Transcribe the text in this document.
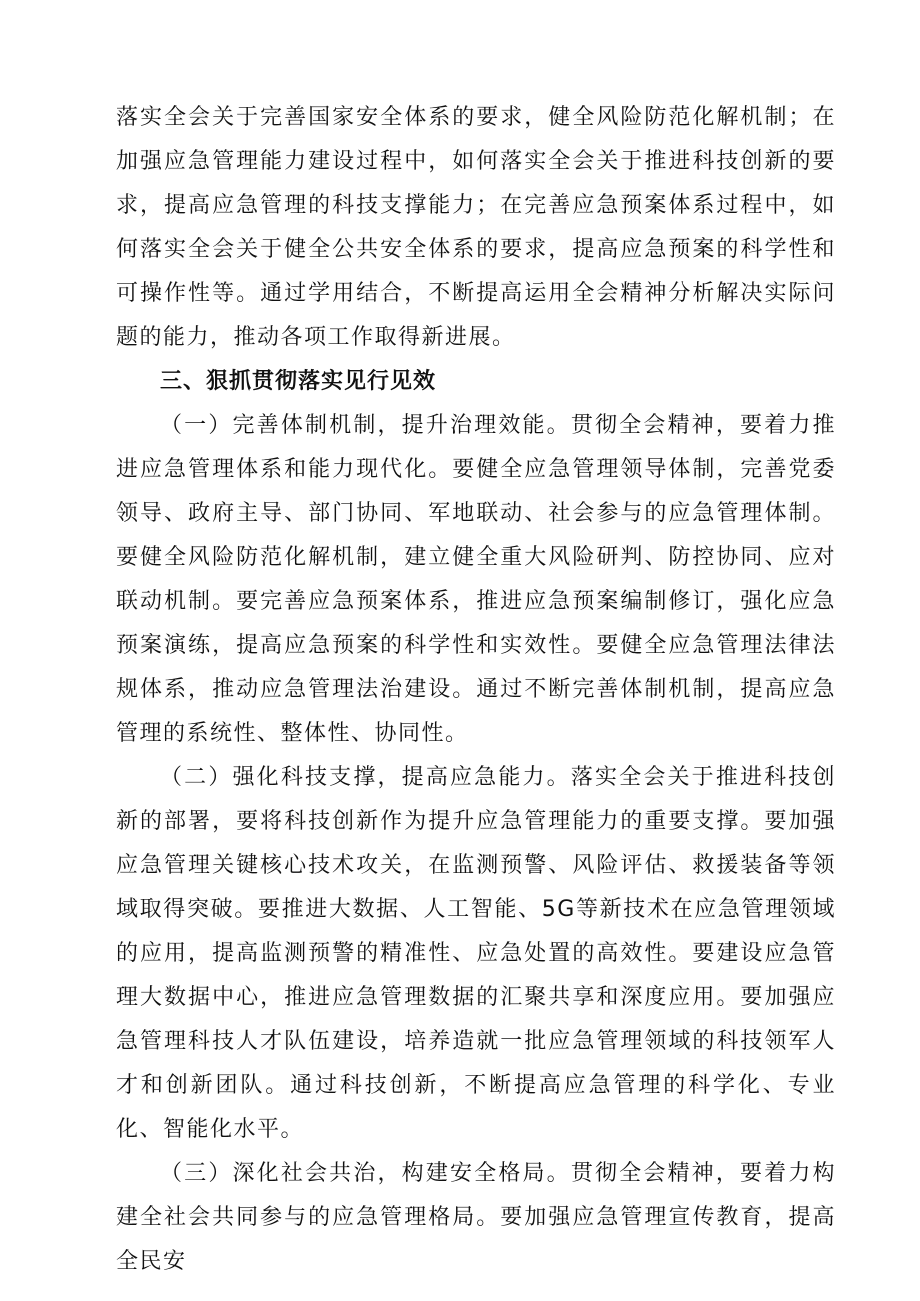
落实全会关于完善国家安全体系的要求，健全风险防范化解机制；在加强应急管理能力建设过程中，如何落实全会关于推进科技创新的要求，提高应急管理的科技支撑能力；在完善应急预案体系过程中，如何落实全会关于健全公共安全体系的要求，提高应急预案的科学性和可操作性等。通过学用结合，不断提高运用全会精神分析解决实际问题的能力，推动各项工作取得新进展。

三、狠抓贯彻落实见行见效

（一）完善体制机制，提升治理效能。贯彻全会精神，要着力推进应急管理体系和能力现代化。要健全应急管理领导体制，完善党委领导、政府主导、部门协同、军地联动、社会参与的应急管理体制。要健全风险防范化解机制，建立健全重大风险研判、防控协同、应对联动机制。要完善应急预案体系，推进应急预案编制修订，强化应急预案演练，提高应急预案的科学性和实效性。要健全应急管理法律法规体系，推动应急管理法治建设。通过不断完善体制机制，提高应急管理的系统性、整体性、协同性。

（二）强化科技支撑，提高应急能力。落实全会关于推进科技创新的部署，要将科技创新作为提升应急管理能力的重要支撑。要加强应急管理关键核心技术攻关，在监测预警、风险评估、救援装备等领域取得突破。要推进大数据、人工智能、5G等新技术在应急管理领域的应用，提高监测预警的精准性、应急处置的高效性。要建设应急管理大数据中心，推进应急管理数据的汇聚共享和深度应用。要加强应急管理科技人才队伍建设，培养造就一批应急管理领域的科技领军人才和创新团队。通过科技创新，不断提高应急管理的科学化、专业化、智能化水平。

（三）深化社会共治，构建安全格局。贯彻全会精神，要着力构建全社会共同参与的应急管理格局。要加强应急管理宣传教育，提高全民安
